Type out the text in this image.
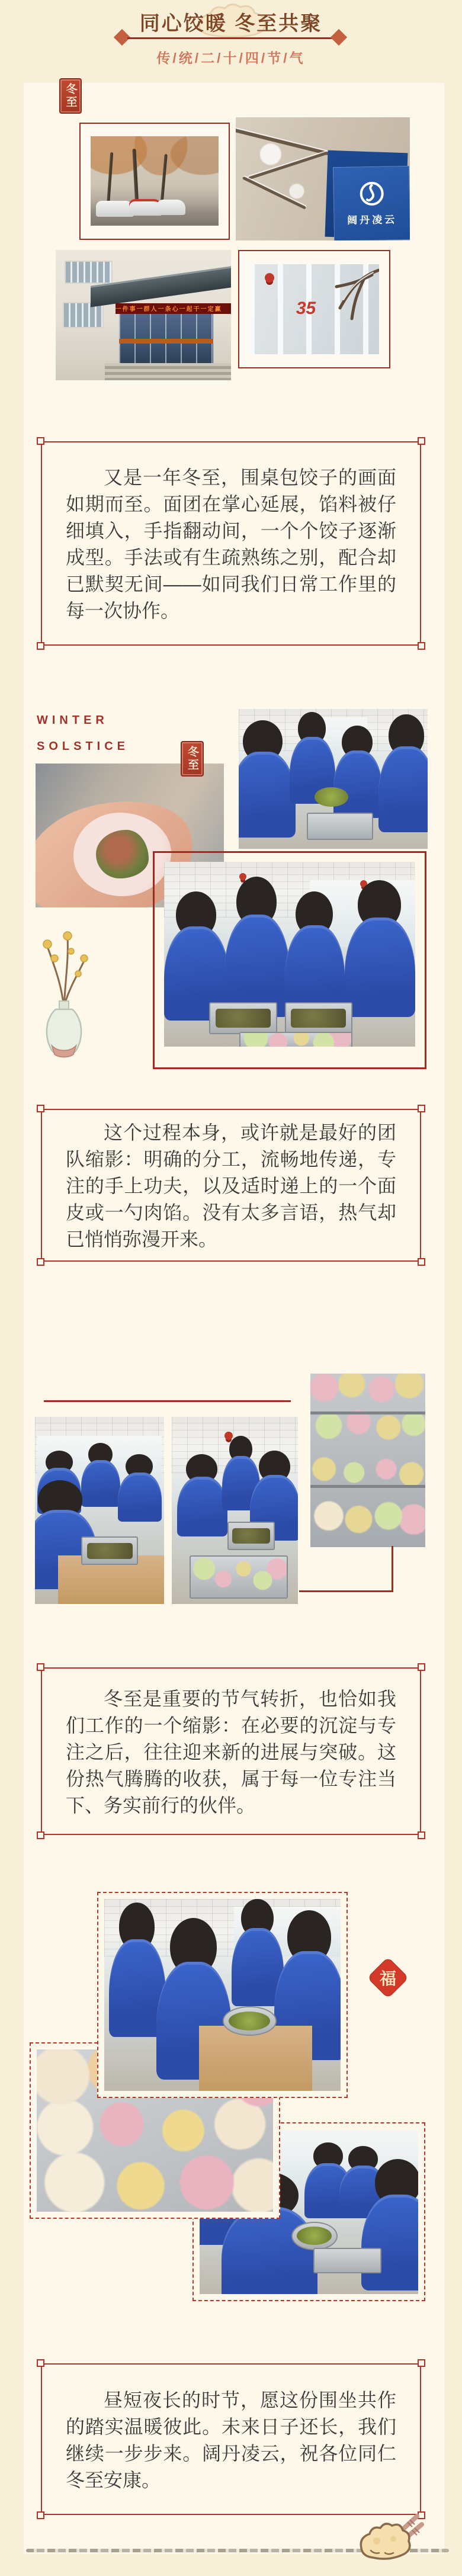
同心饺暖 冬至共聚
传/统/二/十/四/节/气
冬至
阔丹凌云
一件事一群人一条心一起干一定赢	35

又是一年冬至，围桌包饺子的画面如期而至。面团在掌心延展，馅料被仔细填入，手指翻动间，一个个饺子逐渐成型。手法或有生疏熟练之别，配合却已默契无间——如同我们日常工作里的每一次协作。

WINTER
SOLSTICE	冬至

这个过程本身，或许就是最好的团队缩影：明确的分工，流畅地传递，专注的手上功夫，以及适时递上的一个面皮或一勺肉馅。没有太多言语，热气却已悄悄弥漫开来。

冬至是重要的节气转折，也恰如我们工作的一个缩影：在必要的沉淀与专注之后，往往迎来新的进展与突破。这份热气腾腾的收获，属于每一位专注当下、务实前行的伙伴。

福

昼短夜长的时节，愿这份围坐共作的踏实温暖彼此。未来日子还长，我们继续一步步来。阔丹凌云，祝各位同仁冬至安康。
